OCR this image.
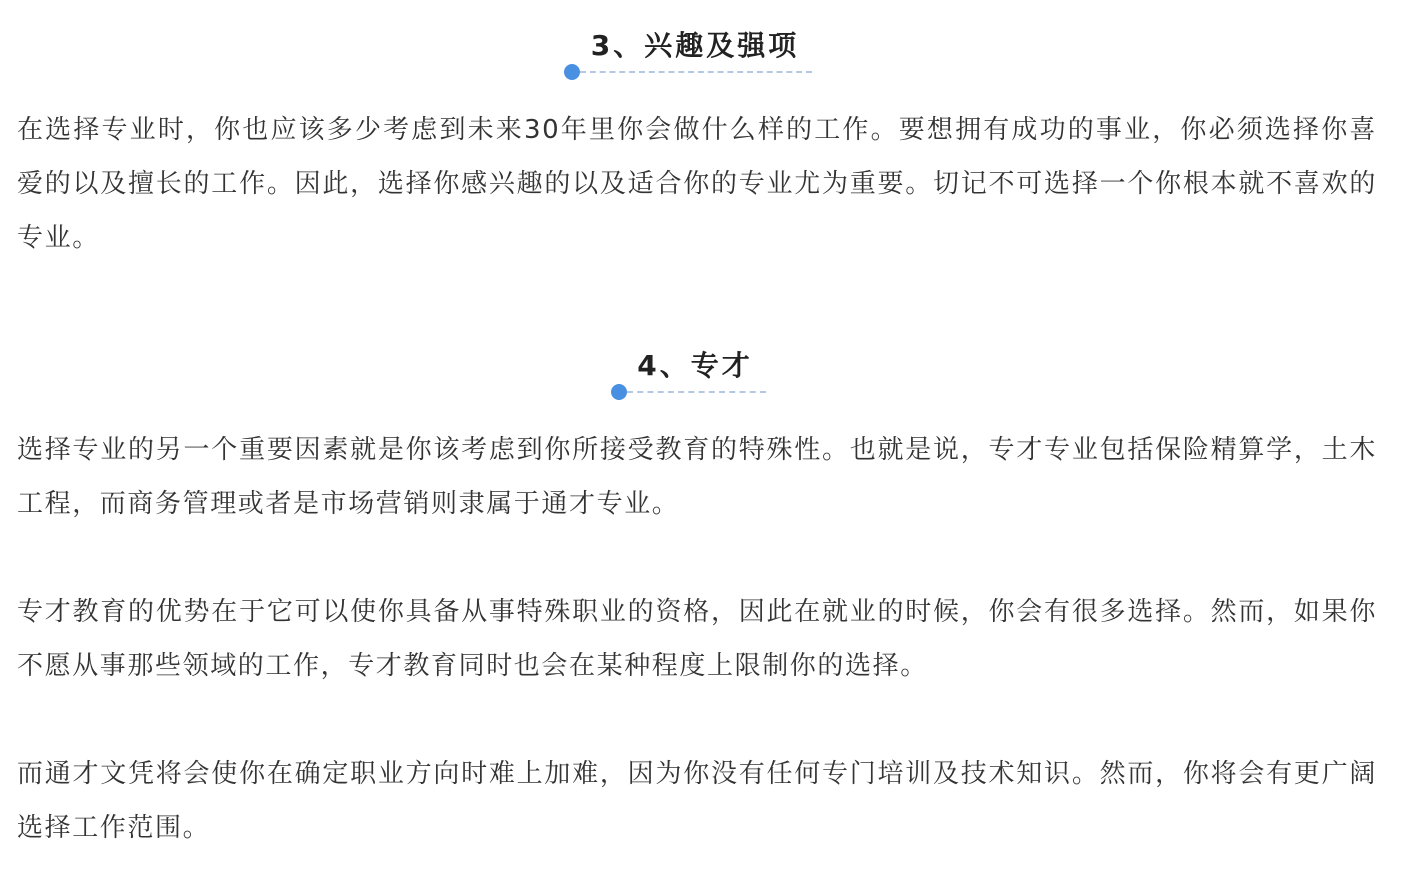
3、兴趣及强项

在选择专业时，你也应该多少考虑到未来30年里你会做什么样的工作。要想拥有成功的事业，你必须选择你喜爱的以及擅长的工作。因此，选择你感兴趣的以及适合你的专业尤为重要。切记不可选择一个你根本就不喜欢的专业。

4、专才

选择专业的另一个重要因素就是你该考虑到你所接受教育的特殊性。也就是说，专才专业包括保险精算学，土木工程，而商务管理或者是市场营销则隶属于通才专业。

专才教育的优势在于它可以使你具备从事特殊职业的资格，因此在就业的时候，你会有很多选择。然而，如果你不愿从事那些领域的工作，专才教育同时也会在某种程度上限制你的选择。

而通才文凭将会使你在确定职业方向时难上加难，因为你没有任何专门培训及技术知识。然而，你将会有更广阔选择工作范围。
